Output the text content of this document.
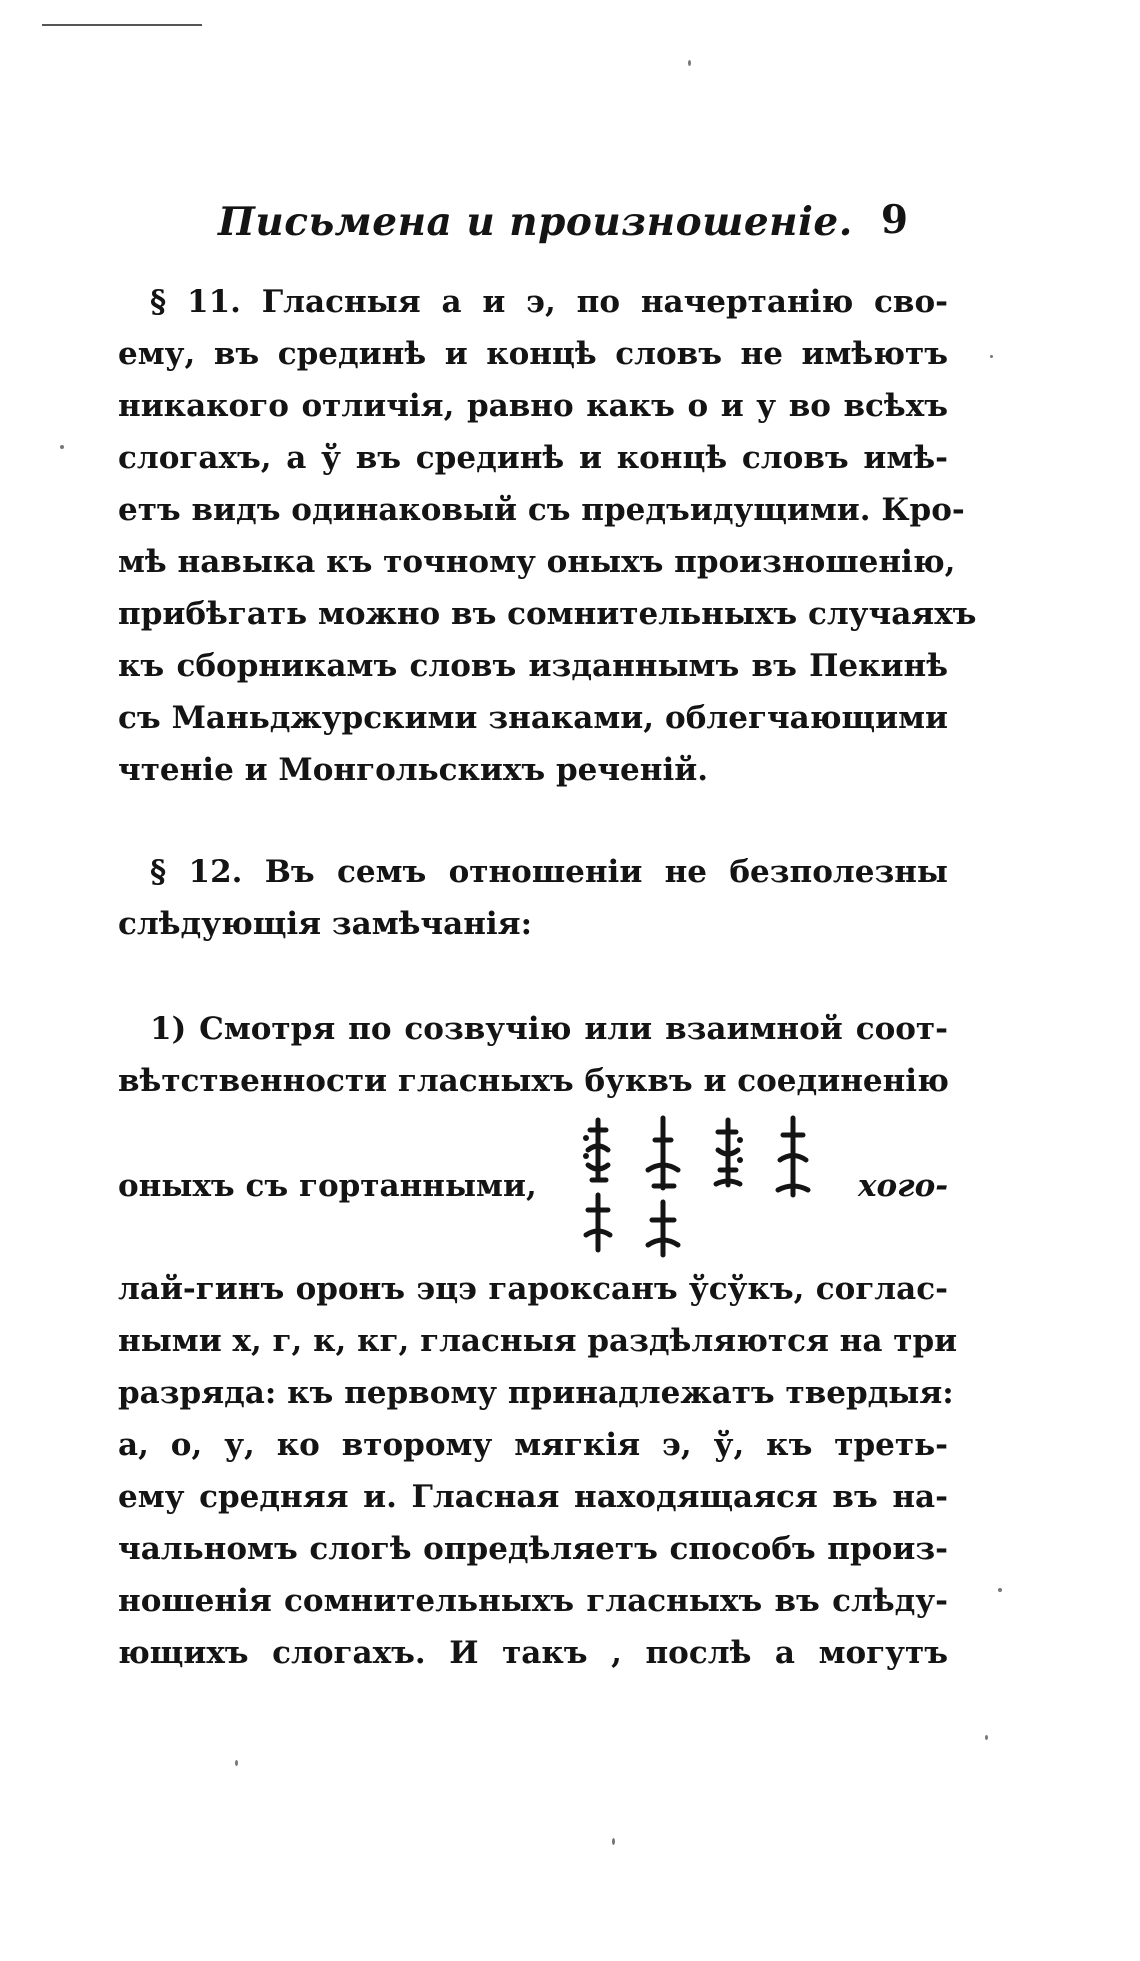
Письмена и произношеніе. 9
§ 11. Гласныя а и э, по начертанію сво-
ему, въ срединѣ и концѣ словъ не имѣютъ
никакого отличія, равно какъ о и у во всѣхъ
слогахъ, а ў въ срединѣ и концѣ словъ имѣ-
етъ видъ одинаковый съ предъидущими. Кро-
мѣ навыка къ точному оныхъ произношенію,
прибѣгать можно въ сомнительныхъ случаяхъ
къ сборникамъ словъ изданнымъ въ Пекинѣ
съ Маньджурскими знаками, облегчающими
чтеніе и Монгольскихъ реченій.
§ 12. Въ семъ отношеніи не безполезны
слѣдующія замѣчанія:
1) Смотря по созвучію или взаимной соот-
вѣтственности гласныхъ буквъ и соединенію
оныхъ съ гортанными,	хого-
лай-гинъ оронъ эцэ гароксанъ ўсўкъ, соглас-
ными х, г, к, кг, гласныя раздѣляются на три
разряда: къ первому принадлежатъ твердыя:
а, о, у, ко второму мягкія э, ў, къ треть-
ему средняя и. Гласная находящаяся въ на-
чальномъ слогѣ опредѣляетъ способъ произ-
ношенія сомнительныхъ гласныхъ въ слѣду-
ющихъ слогахъ. И такъ , послѣ а могутъ
